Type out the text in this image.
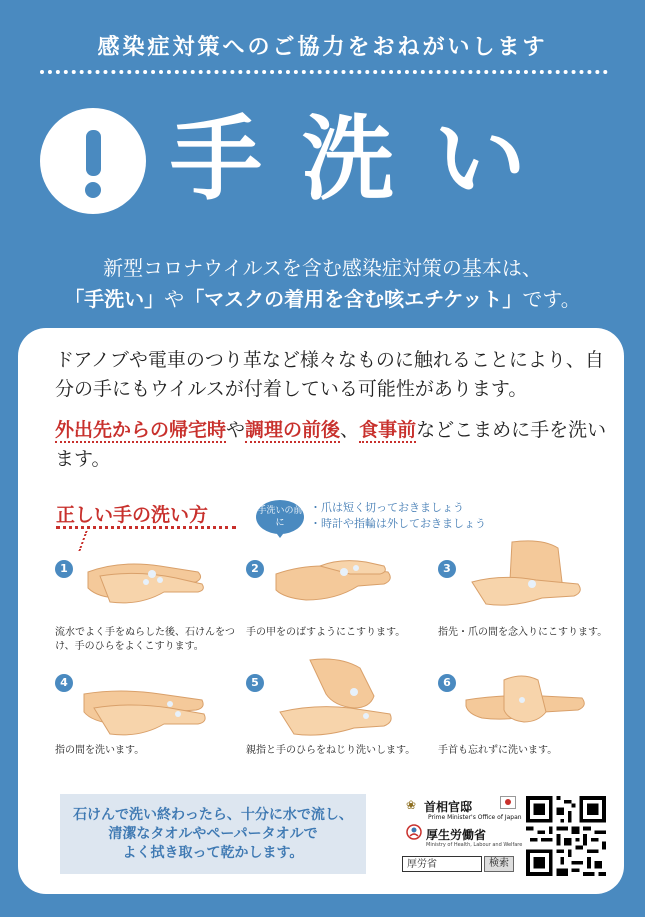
感染症対策へのご協力をおねがいします
手洗い
新型コロナウイルスを含む感染症対策の基本は、
「手洗い」や「マスクの着用を含む咳エチケット」です。
ドアノブや電車のつり革など様々なものに触れることにより、自分の手にもウイルスが付着している可能性があります。
外出先からの帰宅時や調理の前後、食事前などこまめに手を洗います。
正しい手の洗い方	手洗いの前に
・爪は短く切っておきましょう
・時計や指輪は外しておきましょう
1
流水でよく手をぬらした後、石けんをつけ、手のひらをよくこすります。
2
手の甲をのばすようにこすります。
3
指先・爪の間を念入りにこすります。
4
指の間を洗います。
5
親指と手のひらをねじり洗いします。
6
手首も忘れずに洗います。
石けんで洗い終わったら、十分に水で流し、
清潔なタオルやペーパータオルで
よく拭き取って乾かします。
❀ 首相官邸
Prime Minister's Office of Japan
厚生労働省
Ministry of Health, Labour and Welfare
厚労省	検索
